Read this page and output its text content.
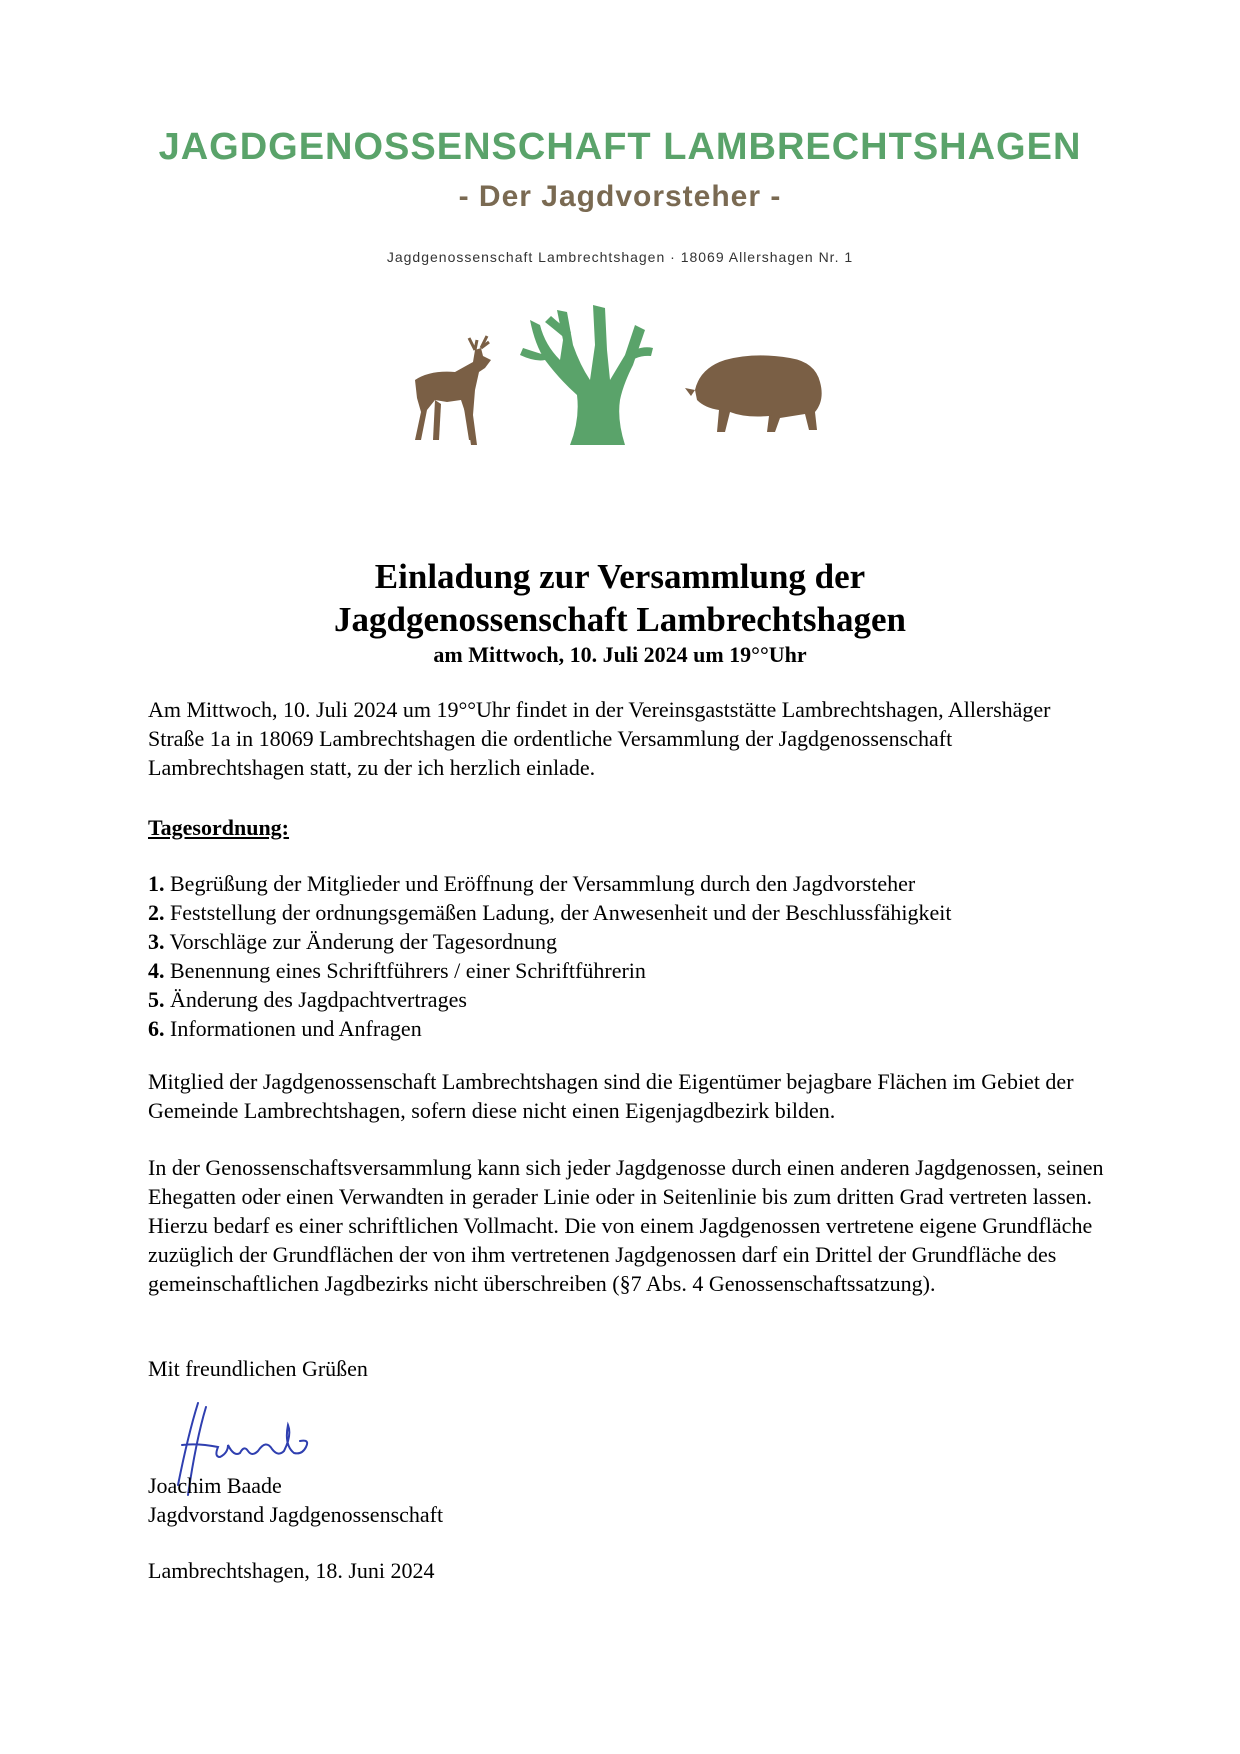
JAGDGENOSSENSCHAFT LAMBRECHTSHAGEN
- Der Jagdvorsteher -
Jagdgenossenschaft Lambrechtshagen · 18069 Allershagen Nr. 1
Einladung zur Versammlung der
Jagdgenossenschaft Lambrechtshagen
am Mittwoch, 10. Juli 2024 um 19°°Uhr
Am Mittwoch, 10. Juli 2024 um 19°°Uhr findet in der Vereinsgaststätte Lambrechtshagen, Allershäger Straße 1a in 18069 Lambrechtshagen die ordentliche Versammlung der Jagdgenossenschaft Lambrechtshagen statt, zu der ich herzlich einlade.
Tagesordnung:
1. Begrüßung der Mitglieder und Eröffnung der Versammlung durch den Jagdvorsteher
2. Feststellung der ordnungsgemäßen Ladung, der Anwesenheit und der Beschlussfähigkeit
3. Vorschläge zur Änderung der Tagesordnung
4. Benennung eines Schriftführers / einer Schriftführerin
5. Änderung des Jagdpachtvertrages
6. Informationen und Anfragen
Mitglied der Jagdgenossenschaft Lambrechtshagen sind die Eigentümer bejagbare Flächen im Gebiet der Gemeinde Lambrechtshagen, sofern diese nicht einen Eigenjagdbezirk bilden.
In der Genossenschaftsversammlung kann sich jeder Jagdgenosse durch einen anderen Jagdgenossen, seinen Ehegatten oder einen Verwandten in gerader Linie oder in Seitenlinie bis zum dritten Grad vertreten lassen. Hierzu bedarf es einer schriftlichen Vollmacht. Die von einem Jagdgenossen vertretene eigene Grundfläche zuzüglich der Grundflächen der von ihm vertretenen Jagdgenossen darf ein Drittel der Grundfläche des gemeinschaftlichen Jagdbezirks nicht überschreiben (§7 Abs. 4 Genossenschaftssatzung).
Mit freundlichen Grüßen
Joachim Baade
Jagdvorstand Jagdgenossenschaft
Lambrechtshagen, 18. Juni 2024
